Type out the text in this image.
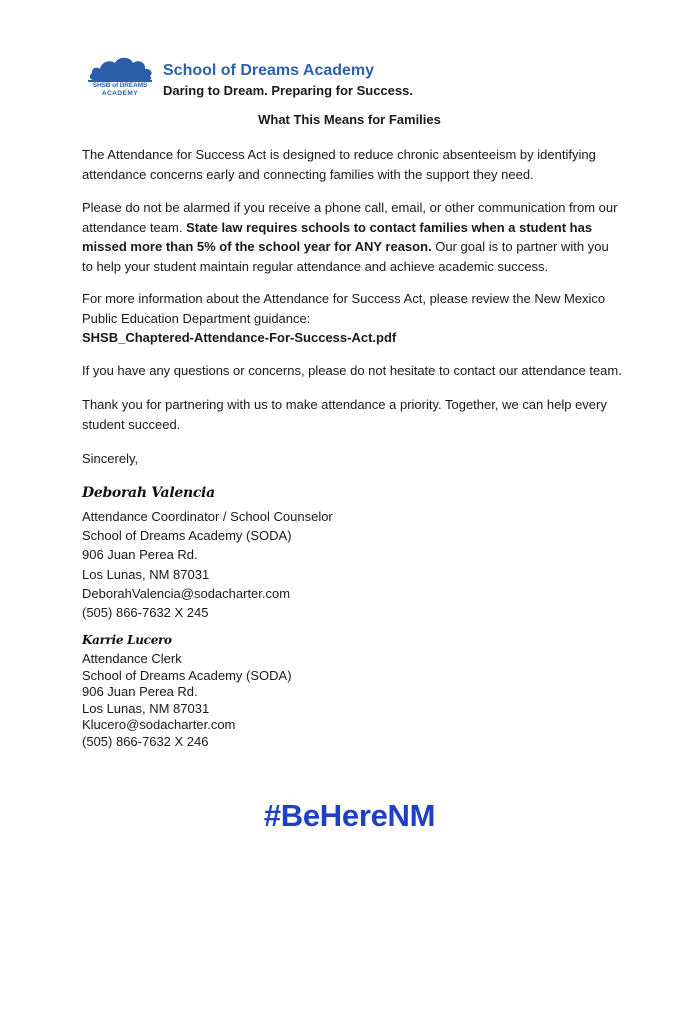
SHSB of DREAMS
ACADEMY
School of Dreams Academy
Daring to Dream. Preparing for Success.
What This Means for Families
The Attendance for Success Act is designed to reduce chronic absenteeism by identifying attendance concerns early and connecting families with the support they need.
Please do not be alarmed if you receive a phone call, email, or other communication from our attendance team. State law requires schools to contact families when a student has missed more than 5% of the school year for ANY reason. Our goal is to partner with you to help your student maintain regular attendance and achieve academic success.
For more information about the Attendance for Success Act, please review the New Mexico Public Education Department guidance:
SHSB_Chaptered-Attendance-For-Success-Act.pdf
If you have any questions or concerns, please do not hesitate to contact our attendance team.
Thank you for partnering with us to make attendance a priority. Together, we can help every student succeed.
Sincerely,
Deborah Valencia
Attendance Coordinator / School Counselor
School of Dreams Academy (SODA)
906 Juan Perea Rd.
Los Lunas, NM 87031
DeborahValencia@sodacharter.com
(505) 866-7632 X 245
Karrie Lucero
Attendance Clerk
School of Dreams Academy (SODA)
906 Juan Perea Rd.
Los Lunas, NM 87031
Klucero@sodacharter.com
(505) 866-7632 X 246
#BeHereNM
